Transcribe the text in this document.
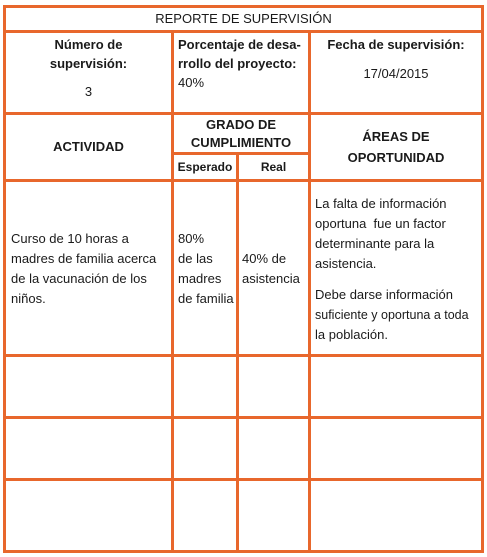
REPORTE DE SUPERVISIÓN
Número de
supervisión:
3
Porcentaje de desa-
rrollo del proyecto:
40%
Fecha de supervisión:
17/04/2015
ACTIVIDAD
GRADO DE
CUMPLIMIENTO
Esperado	Real
ÁREAS DE
OPORTUNIDAD
Curso de 10 horas a
madres de familia acerca
de la vacunación de los
niños.
80%
de las
madres
de familia
40% de
asistencia
La falta de información
oportuna  fue un factor
determinante para la
asistencia.
Debe darse información
suficiente y oportuna a toda
la población.
